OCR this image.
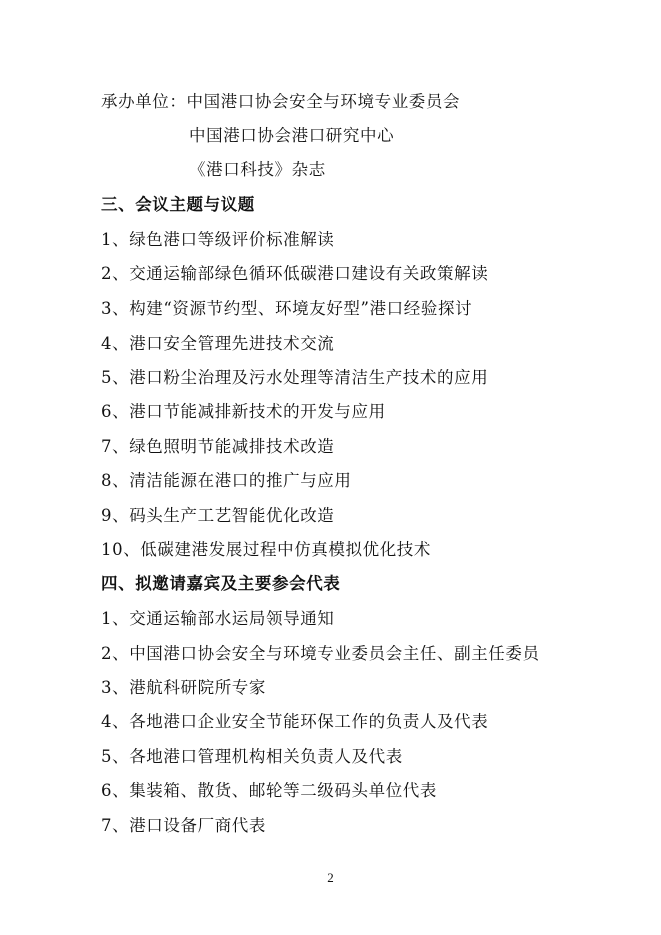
承办单位：中国港口协会安全与环境专业委员会
中国港口协会港口研究中心
《港口科技》杂志
三、会议主题与议题
1、绿色港口等级评价标准解读
2、交通运输部绿色循环低碳港口建设有关政策解读
3、构建“资源节约型、环境友好型”港口经验探讨
4、港口安全管理先进技术交流
5、港口粉尘治理及污水处理等清洁生产技术的应用
6、港口节能减排新技术的开发与应用
7、绿色照明节能减排技术改造
8、清洁能源在港口的推广与应用
9、码头生产工艺智能优化改造
10、低碳建港发展过程中仿真模拟优化技术
四、拟邀请嘉宾及主要参会代表
1、交通运输部水运局领导通知
2、中国港口协会安全与环境专业委员会主任、副主任委员
3、港航科研院所专家
4、各地港口企业安全节能环保工作的负责人及代表
5、各地港口管理机构相关负责人及代表
6、集装箱、散货、邮轮等二级码头单位代表
7、港口设备厂商代表
2
